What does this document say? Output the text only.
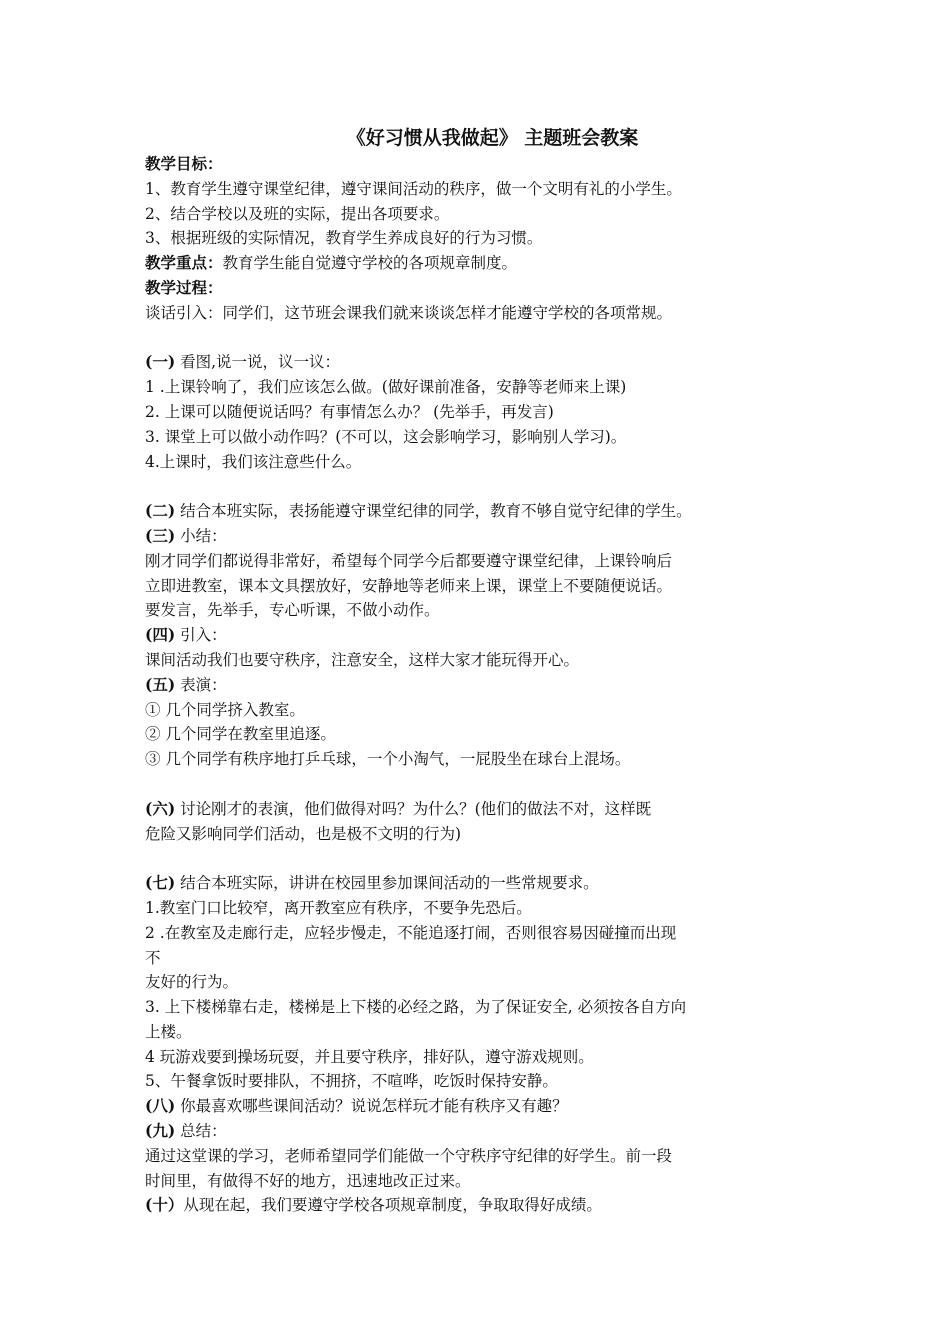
《好习惯从我做起》 主题班会教案
教学目标：
1、教育学生遵守课堂纪律，遵守课间活动的秩序，做一个文明有礼的小学生。
2、结合学校以及班的实际，提出各项要求。
3、根据班级的实际情况，教育学生养成良好的行为习惯。
教学重点：教育学生能自觉遵守学校的各项规章制度。
教学过程：
谈话引入：同学们，这节班会课我们就来谈谈怎样才能遵守学校的各项常规。
(一) 看图,说一说，议一议：
1 .上课铃响了，我们应该怎么做。(做好课前准备，安静等老师来上课)
2. 上课可以随便说话吗？有事情怎么办？ (先举手，再发言)
3. 课堂上可以做小动作吗？(不可以，这会影响学习，影响别人学习)。
4.上课时，我们该注意些什么。
(二) 结合本班实际，表扬能遵守课堂纪律的同学，教育不够自觉守纪律的学生。
(三) 小结：
刚才同学们都说得非常好，希望每个同学今后都要遵守课堂纪律，上课铃响后
立即进教室，课本文具摆放好，安静地等老师来上课，课堂上不要随便说话。
要发言，先举手，专心听课，不做小动作。
(四) 引入：
课间活动我们也要守秩序，注意安全，这样大家才能玩得开心。
(五) 表演：
① 几个同学挤入教室。
② 几个同学在教室里追逐。
③ 几个同学有秩序地打乒乓球，一个小淘气，一屁股坐在球台上混场。
(六) 讨论刚才的表演，他们做得对吗？为什么？(他们的做法不对，这样既
危险又影响同学们活动，也是极不文明的行为)
(七) 结合本班实际，讲讲在校园里参加课间活动的一些常规要求。
1.教室门口比较窄，离开教室应有秩序，不要争先恐后。
2 .在教室及走廊行走，应轻步慢走，不能追逐打闹，否则很容易因碰撞而出现
不
友好的行为。
3. 上下楼梯靠右走，楼梯是上下楼的必经之路，为了保证安全, 必须按各自方向
上楼。
4 玩游戏要到操场玩耍，并且要守秩序，排好队，遵守游戏规则。
5、午餐拿饭时要排队，不拥挤，不喧哗，吃饭时保持安静。
(八) 你最喜欢哪些课间活动？说说怎样玩才能有秩序又有趣？
(九) 总结：
通过这堂课的学习，老师希望同学们能做一个守秩序守纪律的好学生。前一段
时间里，有做得不好的地方，迅速地改正过来。
(十）从现在起，我们要遵守学校各项规章制度，争取取得好成绩。
